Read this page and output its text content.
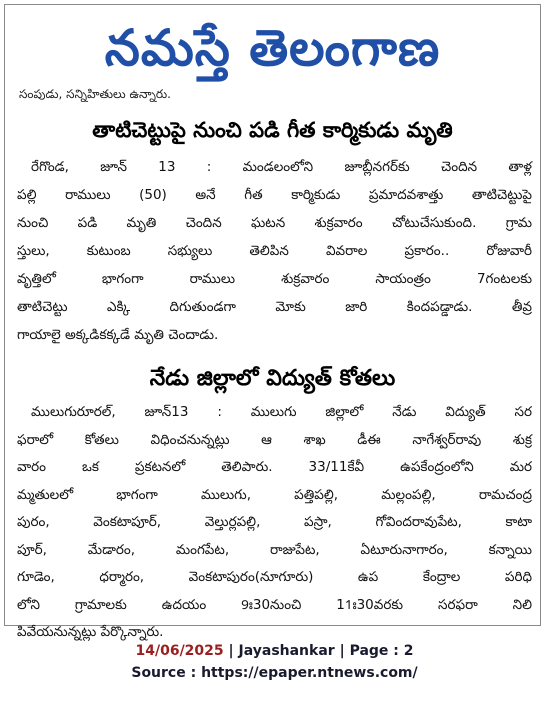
నమస్తే తెలంగాణ
సంపుడు, సన్నిహితులు ఉన్నారు.
తాటిచెట్టుపై నుంచి పడి గీత కార్మికుడు మృతి
రేగొండ, జూన్ 13 : మండలంలోని జూబ్లీనగర్‌కు చెందిన తాళ్ల
పల్లి రాములు (50) అనే గీత కార్మికుడు ప్రమాదవశాత్తు తాటిచెట్టుపై
నుంచి పడి మృతి చెందిన ఘటన శుక్రవారం చోటుచేసుకుంది. గ్రామ
స్తులు, కుటుంబ సభ్యులు తెలిపిన వివరాల ప్రకారం.. రోజువారీ
వృత్తిలో భాగంగా రాములు శుక్రవారం సాయంత్రం 7గంటలకు
తాటిచెట్టు ఎక్కి దిగుతుండగా మోకు జారి కిందపడ్డాడు. తీవ్ర
గాయాలై అక్కడికక్కడే మృతి చెందాడు.
నేడు జిల్లాలో విద్యుత్ కోతలు
ములుగురూరల్, జూన్13 : ములుగు జిల్లాలో నేడు విద్యుత్ సర
ఫరాలో కోతలు విధించనున్నట్లు ఆ శాఖ డీఈ నాగేశ్వర్‌రావు శుక్ర
వారం ఒక ప్రకటనలో తెలిపారు. 33/11కేవీ ఉపకేంద్రంలోని మర
మ్మతులలో భాగంగా ములుగు, పత్తిపల్లి, మల్లంపల్లి, రామచంద్ర
పురం, వెంకటాపూర్, వెల్తుర్లపల్లి, పస్రా, గోవిందరావుపేట, కాటా
పూర్, మేడారం, మంగపేట, రాజుపేట, ఏటూరునాగారం, కన్నాయి
గూడెం, ధర్మారం, వెంకటాపురం(నూగూరు) ఉప కేంద్రాల పరిధి
లోని గ్రామాలకు ఉదయం 9ః30నుంచి 11ః30వరకు సరఫరా నిలి
పివేయనున్నట్లు పేర్కొన్నారు.
14/06/2025 | Jayashankar | Page : 2
Source : https://epaper.ntnews.com/
